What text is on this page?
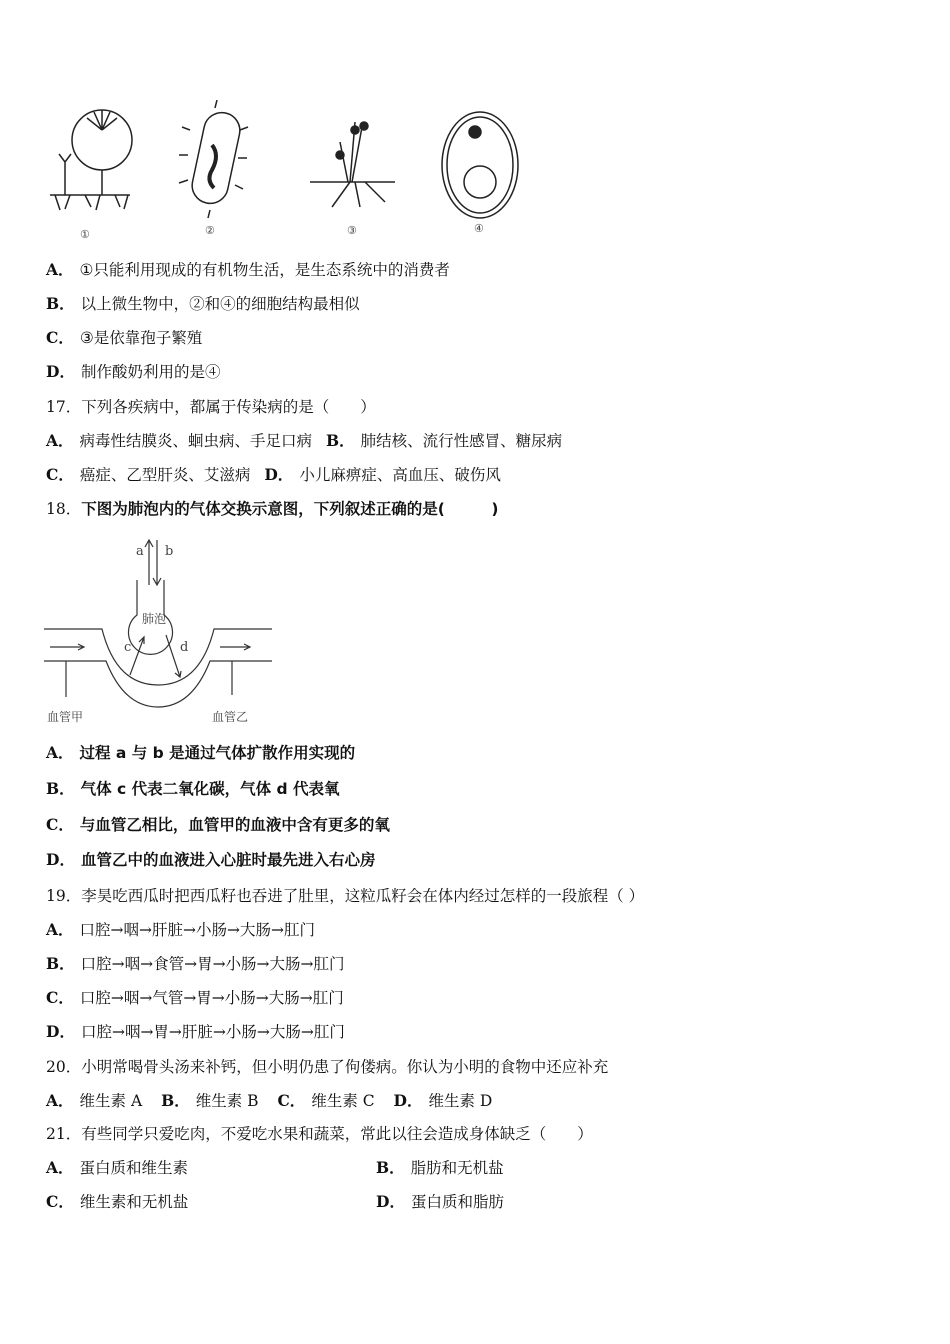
①	②	③	④
A． ①只能利用现成的有机物生活，是生态系统中的消费者
B． 以上微生物中，②和④的细胞结构最相似
C． ③是依靠孢子繁殖
D． 制作酸奶利用的是④
17．下列各疾病中，都属于传染病的是（　　）
A． 病毒性结膜炎、蛔虫病、手足口病 B． 肺结核、流行性感冒、糖尿病
C． 癌症、乙型肝炎、艾滋病 D． 小儿麻痹症、高血压、破伤风
18．下图为肺泡内的气体交换示意图，下列叙述正确的是(　　　)
a b
肺泡
c	d
血管甲	血管乙
A． 过程 a 与 b 是通过气体扩散作用实现的
B． 气体 c 代表二氧化碳，气体 d 代表氧
C． 与血管乙相比，血管甲的血液中含有更多的氧
D． 血管乙中的血液进入心脏时最先进入右心房
19．李昊吃西瓜时把西瓜籽也吞进了肚里，这粒瓜籽会在体内经过怎样的一段旅程（ ）
A． 口腔→咽→肝脏→小肠→大肠→肛门
B． 口腔→咽→食管→胃→小肠→大肠→肛门
C． 口腔→咽→气管→胃→小肠→大肠→肛门
D． 口腔→咽→胃→肝脏→小肠→大肠→肛门
20．小明常喝骨头汤来补钙，但小明仍患了佝偻病。你认为小明的食物中还应补充
A． 维生素 A B． 维生素 B C． 维生素 C D． 维生素 D
21．有些同学只爱吃肉，不爱吃水果和蔬菜，常此以往会造成身体缺乏（　　）
A． 蛋白质和维生素	B． 脂肪和无机盐
C． 维生素和无机盐	D． 蛋白质和脂肪
